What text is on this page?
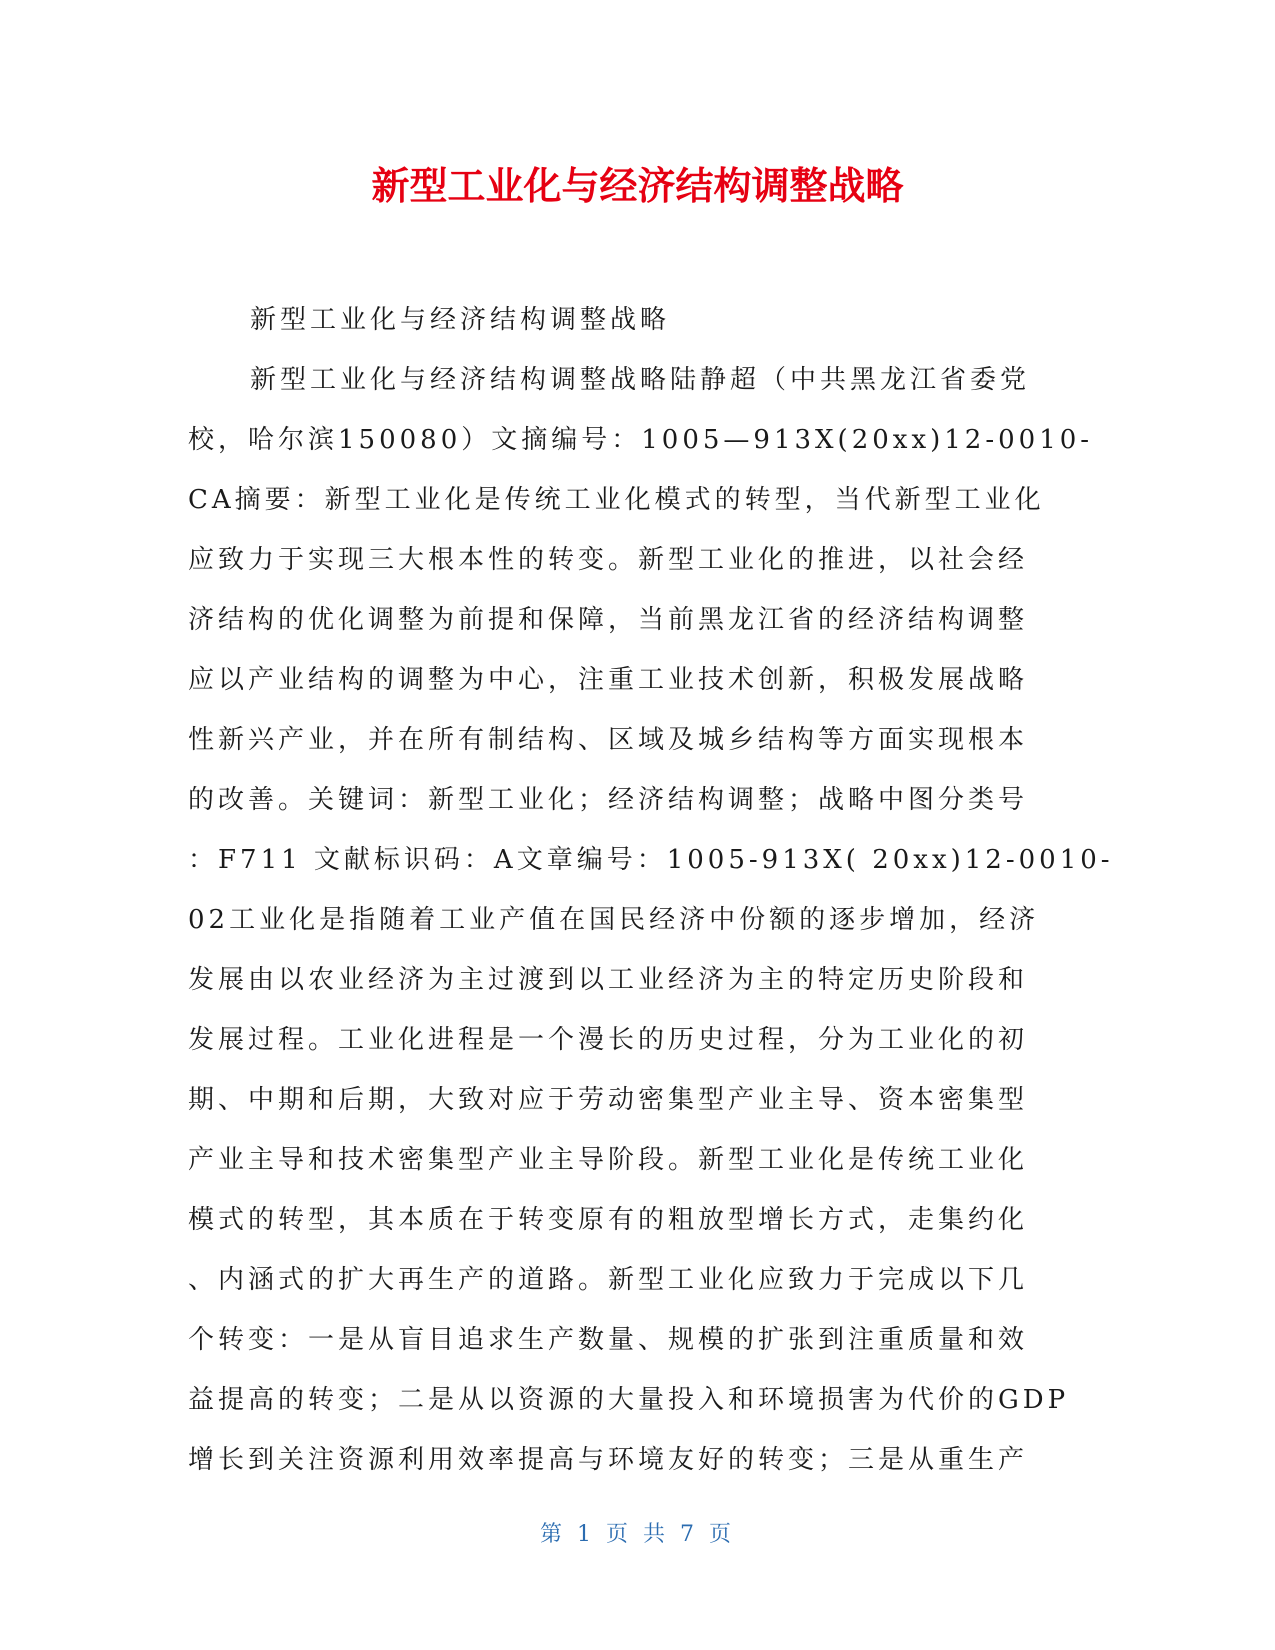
新型工业化与经济结构调整战略
新型工业化与经济结构调整战略
新型工业化与经济结构调整战略陆静超（中共黑龙江省委党
校，哈尔滨150080）文摘编号：1005—913X(20xx)12-0010-
CA摘要：新型工业化是传统工业化模式的转型，当代新型工业化
应致力于实现三大根本性的转变。新型工业化的推进，以社会经
济结构的优化调整为前提和保障，当前黑龙江省的经济结构调整
应以产业结构的调整为中心，注重工业技术创新，积极发展战略
性新兴产业，并在所有制结构、区域及城乡结构等方面实现根本
的改善。关键词：新型工业化；经济结构调整；战略中图分类号
：F711 文献标识码：A文章编号：1005-913X( 20xx)12-0010-
02工业化是指随着工业产值在国民经济中份额的逐步增加，经济
发展由以农业经济为主过渡到以工业经济为主的特定历史阶段和
发展过程。工业化进程是一个漫长的历史过程，分为工业化的初
期、中期和后期，大致对应于劳动密集型产业主导、资本密集型
产业主导和技术密集型产业主导阶段。新型工业化是传统工业化
模式的转型，其本质在于转变原有的粗放型增长方式，走集约化
、内涵式的扩大再生产的道路。新型工业化应致力于完成以下几
个转变：一是从盲目追求生产数量、规模的扩张到注重质量和效
益提高的转变；二是从以资源的大量投入和环境损害为代价的GDP
增长到关注资源利用效率提高与环境友好的转变；三是从重生产
第 1 页 共 7 页
